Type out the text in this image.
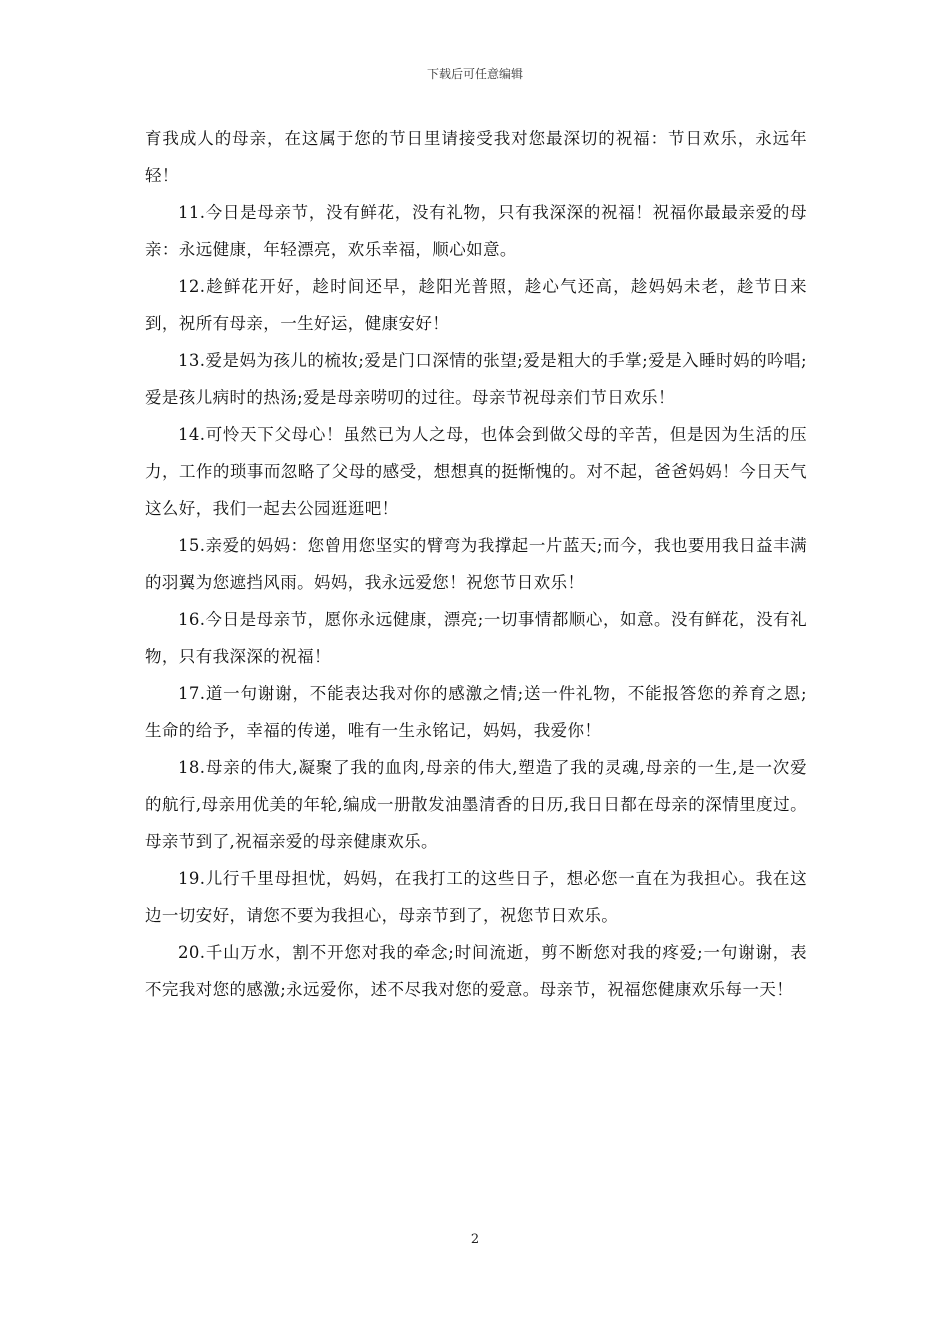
下载后可任意编辑

育我成人的母亲，在这属于您的节日里请接受我对您最深切的祝福：节日欢乐，永远年轻！

11.今日是母亲节，没有鲜花，没有礼物，只有我深深的祝福！祝福你最最亲爱的母亲：永远健康，年轻漂亮，欢乐幸福，顺心如意。

12.趁鲜花开好，趁时间还早，趁阳光普照，趁心气还高，趁妈妈未老，趁节日来到，祝所有母亲，一生好运，健康安好！

13.爱是妈为孩儿的梳妆;爱是门口深情的张望;爱是粗大的手掌;爱是入睡时妈的吟唱;爱是孩儿病时的热汤;爱是母亲唠叨的过往。母亲节祝母亲们节日欢乐！

14.可怜天下父母心！虽然已为人之母，也体会到做父母的辛苦，但是因为生活的压力，工作的琐事而忽略了父母的感受，想想真的挺惭愧的。对不起，爸爸妈妈！今日天气这么好，我们一起去公园逛逛吧！

15.亲爱的妈妈：您曾用您坚实的臂弯为我撑起一片蓝天;而今，我也要用我日益丰满的羽翼为您遮挡风雨。妈妈，我永远爱您！祝您节日欢乐！

16.今日是母亲节，愿你永远健康，漂亮;一切事情都顺心，如意。没有鲜花，没有礼物，只有我深深的祝福！

17.道一句谢谢，不能表达我对你的感激之情;送一件礼物，不能报答您的养育之恩;生命的给予，幸福的传递，唯有一生永铭记，妈妈，我爱你！

18.母亲的伟大,凝聚了我的血肉,母亲的伟大,塑造了我的灵魂,母亲的一生,是一次爱的航行,母亲用优美的年轮,编成一册散发油墨清香的日历,我日日都在母亲的深情里度过。母亲节到了,祝福亲爱的母亲健康欢乐。

19.儿行千里母担忧，妈妈，在我打工的这些日子，想必您一直在为我担心。我在这边一切安好，请您不要为我担心，母亲节到了，祝您节日欢乐。

20.千山万水，割不开您对我的牵念;时间流逝，剪不断您对我的疼爱;一句谢谢，表不完我对您的感激;永远爱你，述不尽我对您的爱意。母亲节，祝福您健康欢乐每一天！

2
